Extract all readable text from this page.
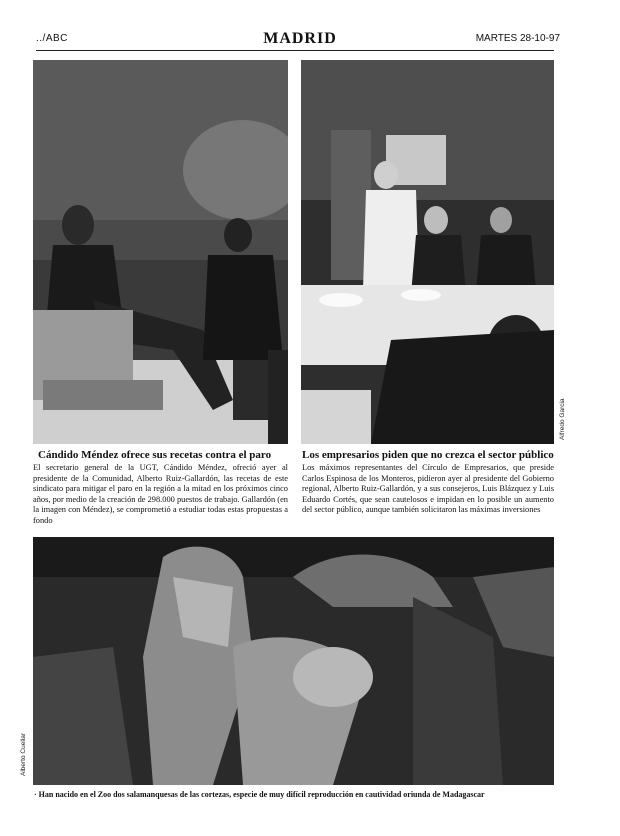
../ABC	MADRID	MARTES 28-10-97
Alfredo Garcia
Cándido Méndez ofrece sus recetas contra el paro
El secretario general de la UGT, Cándido Méndez, ofreció ayer al presidente de la Comunidad, Alberto Ruiz-Gallardón, las recetas de este sindicato para mitigar el paro en la región a la mitad en los próximos cinco años, por medio de la creación de 298.000 puestos de trabajo. Gallardón (en la imagen con Méndez), se comprometió a estudiar todas estas propuestas a fondo
Los empresarios piden que no crezca el sector público
Los máximos representantes del Círculo de Empresarios, que preside Carlos Espinosa de los Monteros, pidieron ayer al presidente del Gobierno regional, Alberto Ruiz-Gallardón, y a sus consejeros, Luis Blázquez y Luis Eduardo Cortés, que sean cautelosos e impidan en lo posible un aumento del sector público, aunque también solicitaron las máximas inversiones
Alberto Cuellar
· Han nacido en el Zoo dos salamanquesas de las cortezas, especie de muy difícil reproducción en cautividad oriunda de Madagascar
